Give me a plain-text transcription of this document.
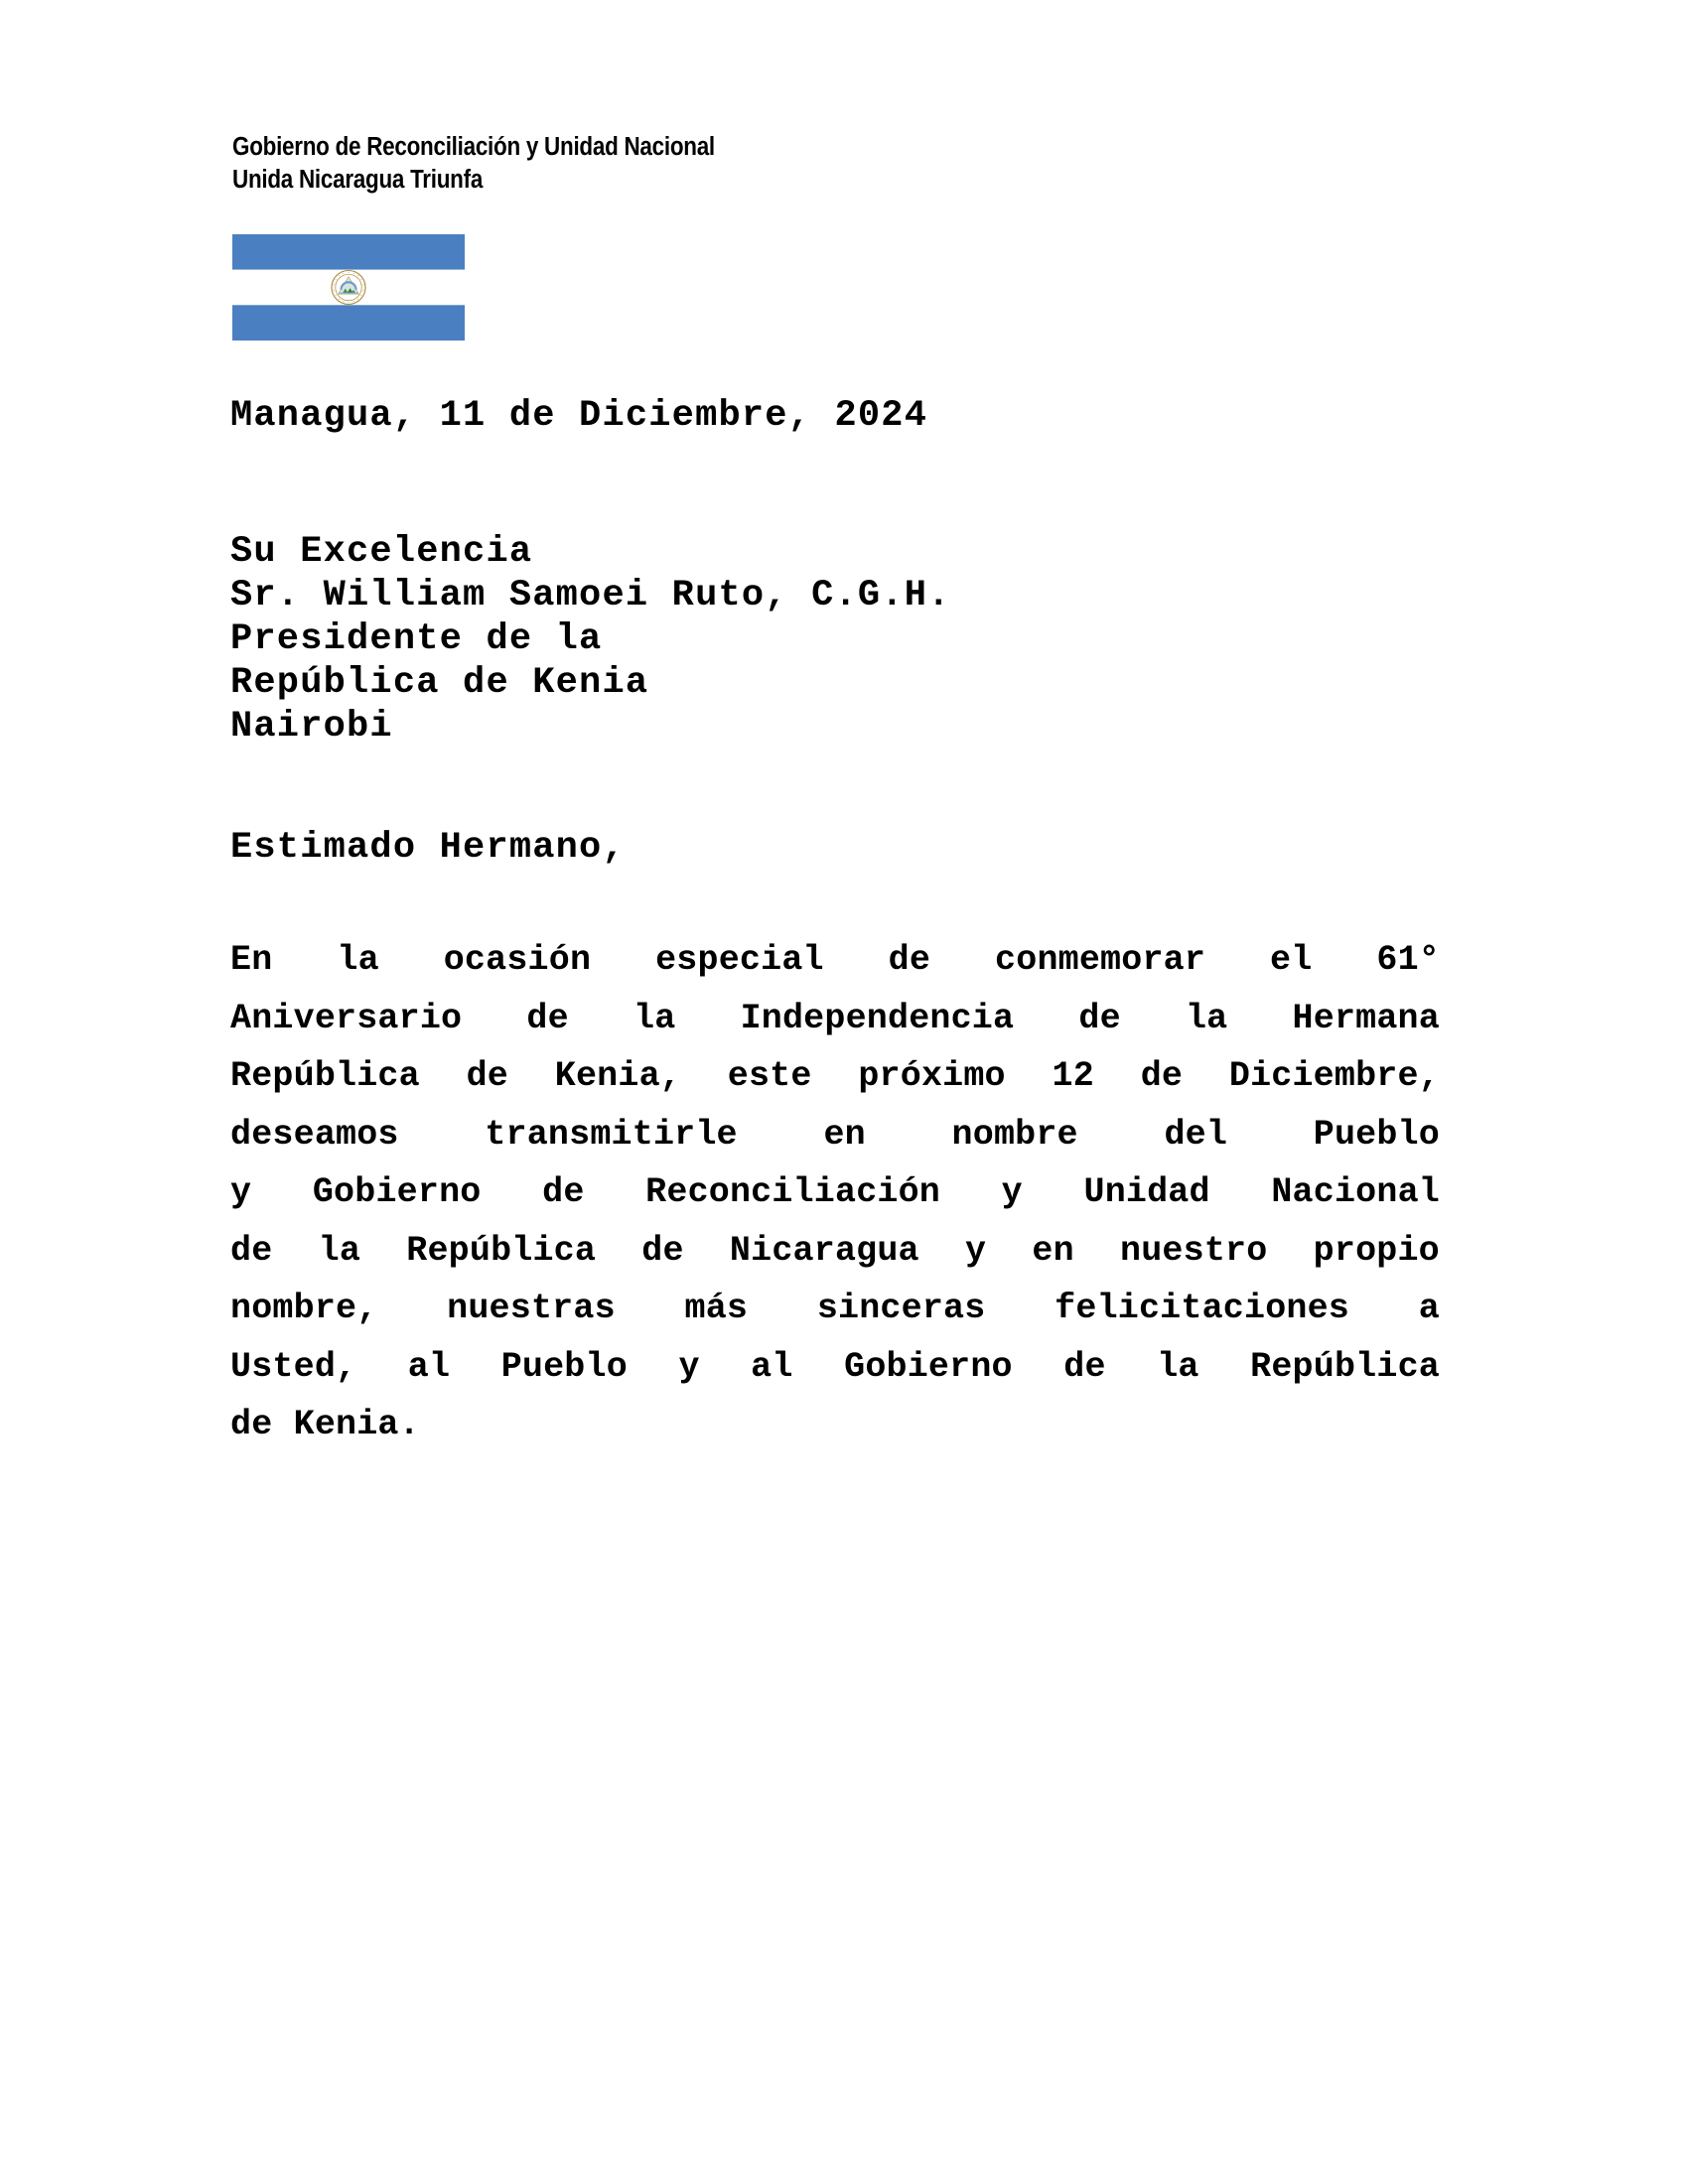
Gobierno de Reconciliación y Unidad Nacional
Unida Nicaragua Triunfa
Managua, 11 de Diciembre, 2024
Su Excelencia
Sr. William Samoei Ruto, C.G.H.
Presidente de la
República de Kenia
Nairobi
Estimado Hermano,
En la ocasión especial de conmemorar el 61°
Aniversario de la Independencia de la Hermana
República de Kenia, este próximo 12 de Diciembre,
deseamos transmitirle en nombre del Pueblo
y Gobierno de Reconciliación y Unidad Nacional
de la República de Nicaragua y en nuestro propio
nombre, nuestras más sinceras felicitaciones a
Usted, al Pueblo y al Gobierno de la República
de Kenia.
